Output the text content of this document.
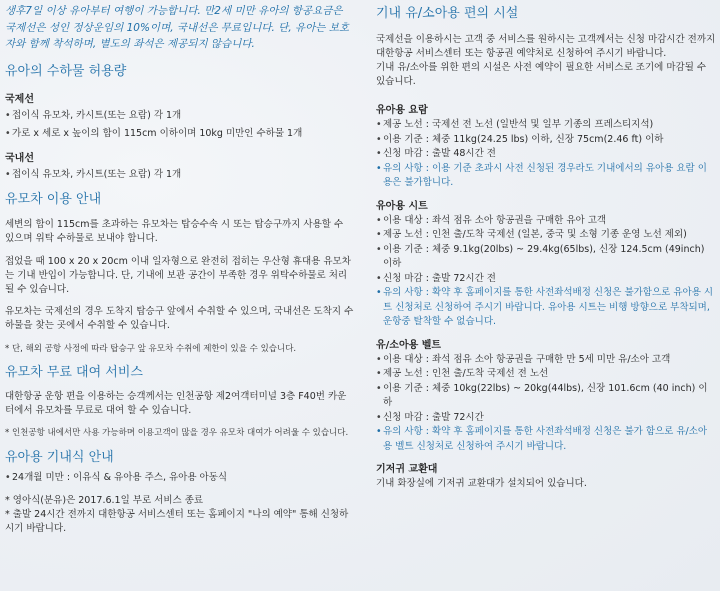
생후7일 이상 유아부터 여행이 가능합니다. 만2세 미만 유아의 항공요금은 국제선은 성인 정상운임의 10%이며, 국내선은 무료입니다. 단, 유아는 보호자와 함께 착석하며, 별도의 좌석은 제공되지 않습니다.

유아의 수하물 허용량

국제선

• 접이식 유모차, 카시트(또는 요람) 각 1개

• 가로 x 세로 x 높이의 합이 115cm 이하이며 10kg 미만인 수하물 1개

국내선

• 접이식 유모차, 카시트(또는 요람) 각 1개

유모차 이용 안내

세변의 합이 115cm를 초과하는 유모차는 탑승수속 시 또는 탑승구까지 사용할 수 있으며 위탁 수하물로 보내야 합니다.

접었을 때 100 x 20 x 20cm 이내 일자형으로 완전히 접히는 우산형 휴대용 유모차는 기내 반입이 가능합니다. 단, 기내에 보관 공간이 부족한 경우 위탁수하물로 처리될 수 있습니다.

유모차는 국제선의 경우 도착지 탑승구 앞에서 수취할 수 있으며, 국내선은 도착지 수하물을 찾는 곳에서 수취할 수 있습니다.

* 단, 해외 공항 사정에 따라 탑승구 앞 유모차 수취에 제한이 있을 수 있습니다.

유모차 무료 대여 서비스

대한항공 운항 편을 이용하는 승객께서는 인천공항 제2여객터미널 3층 F40번 카운터에서 유모차를 무료로 대여 할 수 있습니다.

* 인천공항 내에서만 사용 가능하며 이용고객이 많을 경우 유모차 대여가 어려울 수 있습니다.

유아용 기내식 안내

• 24개월 미만 : 이유식 & 유아용 주스, 유아용 아동식

* 영아식(분유)은 2017.6.1일 부로 서비스 종료

* 출발 24시간 전까지 대한항공 서비스센터 또는 홈페이지 "나의 예약" 통해 신청하시기 바랍니다.

기내 유/소아용 편의 시설

국제선을 이용하시는 고객 중 서비스를 원하시는 고객께서는 신청 마감시간 전까지 대한항공 서비스센터 또는 항공권 예약처로 신청하여 주시기 바랍니다.

기내 유/소아를 위한 편의 시설은 사전 예약이 필요한 서비스로 조기에 마감될 수 있습니다.

유아용 요람

• 제공 노선 : 국제선 전 노선 (일반석 및 일부 기종의 프레스티지석)

• 이용 기준 : 체중 11kg(24.25 lbs) 이하, 신장 75cm(2.46 ft) 이하

• 신청 마감 : 출발 48시간 전

• 유의 사항 : 이용 기준 초과시 사전 신청된 경우라도 기내에서의 유아용 요람 이용은 불가합니다.

유아용 시트

• 이용 대상 : 좌석 점유 소아 항공권을 구매한 유아 고객

• 제공 노선 : 인천 출/도착 국제선 (일본, 중국 및 소형 기종 운영 노선 제외)

• 이용 기준 : 체중 9.1kg(20lbs) ~ 29.4kg(65lbs), 신장 124.5cm (49inch) 이하

• 신청 마감 : 출발 72시간 전

• 유의 사항 : 확약 후 홈페이지를 통한 사전좌석배정 신청은 불가함으로 유아용 시트 신청처로 신청하여 주시기 바랍니다. 유아용 시트는 비행 방향으로 부착되며, 운항중 탈착할 수 없습니다.

유/소아용 벨트

• 이용 대상 : 좌석 점유 소아 항공권을 구매한 만 5세 미만 유/소아 고객

• 제공 노선 : 인천 출/도착 국제선 전 노선

• 이용 기준 : 체중 10kg(22lbs) ~ 20kg(44lbs), 신장 101.6cm (40 inch) 이하

• 신청 마감 : 출발 72시간

• 유의 사항 : 확약 후 홈페이지를 통한 사전좌석배정 신청은 불가 함으로 유/소아용 벨트 신청처로 신청하여 주시기 바랍니다.

기저귀 교환대

기내 화장실에 기저귀 교환대가 설치되어 있습니다.
